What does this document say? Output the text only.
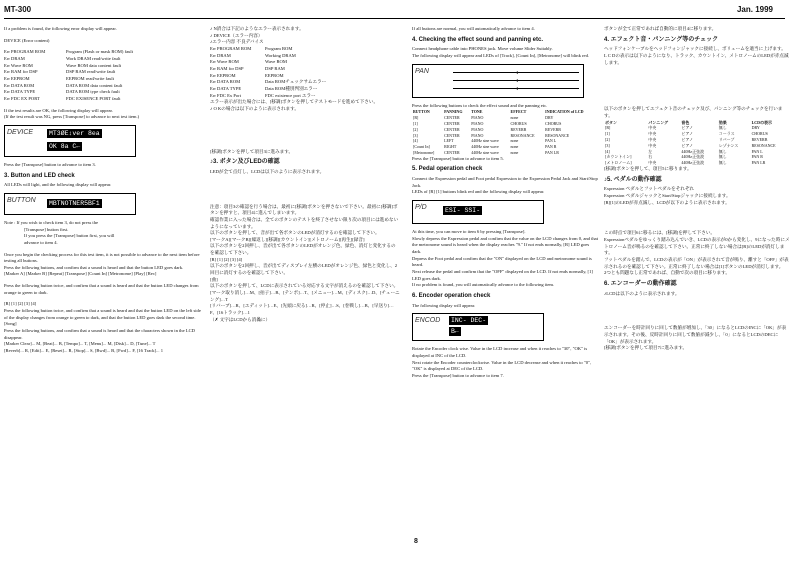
MT-300	Jan. 1999
If a problem is found, the following error display will appear.
DEVICE (Error content)
Err PROGRAM ROM	Program (Flash or mask ROM) fault
Err DRAM	Work DRAM read/write fault
Err Wave ROM	Wave ROM data content fault
Err RAM for DSP	DSP RAM read/write fault
Err EEPROM	EEPROM read/write fault
Err DATA ROM	DATA ROM data content fault
Err DATA TYPE	DATA ROM type check fault
Err FDC EX PORT	FDC EXISENCE PORT fault
If the test results are OK, the following display will appear.
(If the test result was NG, press [Transpose] to advance to next test item.)
DEVICE	MT3ØE↕ver 8ea
OK 8a C←
Press the [Transpose] button to advance to item 3.
3. Button and LED check
All LEDs will light, and the following display will appear.
BUTTON	MBTNOTNER5BF1
Note : If you wish to check item 3, do not press the
[Transpose] button first.
If you press the [Transpose] button first, you will
advance to item 4.
Once you begin the checking process for this test item, it is not possible to advance to the next item before testing all buttons.
Press the following buttons, and confirm that a sound is heard and that the button LED goes dark.
[Marker A] [Marker B] [Repeat] [Transpose] [Count In] [Metronome] [Play] [Rec]
Press the following button twice, and confirm that a sound is heard and that the button LED changes from orange to green to dark.
[R] [1] [2] [3] [4]
Press the following button twice, and confirm that a sound is heard and that the button LED on the left side of the display changes from orange to green to dark, and that the button LED goes dark the second time.
[Song]
Press the following buttons, and confirm that a sound is heard and that the characters shown in the LCD disappear.
[Marker Clear]... M, [Beat]... B, [Tempo]... T, [Menu]... M, [Disk]... D, [Tune]... T
[Reverb]... R, [Edit]... E, [Reset]... R, [Stop]... S, [Bwd]... B, [Fwd]... F, [16 Track]... 1
♪ N済合は下記のようなエラー表示されます。
♪ DEVICE（エラー内容）
♪エラー内容 不良デバイス
Err PROGRAM ROM	Program ROM
Err DRAM	Working DRAM
Err Wave ROM	Wave ROM
Err RAM for DSP	DSP RAM
Err EEPROM	EEPROM
Err DATA ROM	Data ROMチェックサムエラー
Err DATA TYPE	Data ROM種別判別エラー
Err FDC Ex Port	FDC existence port エラー
エラー表示が出た場合には、[移調]ボタンを押してテストモードを進めて下さい。
♪ O Kの場合は以下のように表示されます。
[移調]ボタンを押して項目3に進みます。
♪3. ボタン及びLEDの確認
LEDが全て点灯し、LCDは以下のように表示されます。
注意：項目3の確認を行う場合は、最初に[移調]ボタンを押さないで下さい。最初に[移調]ボタンを押すと、項目4に進んでしまいます。
確認作業に入った場合は、全てのボタンのテストを終了させない限り次の項目には進めないようになっています。
以下のボタンを押して、音が出て各ボタンのLEDが消灯するのを確認して下さい。
[マークA][マークB][繰返し][移調][カウントイン][メトロノーム][再生][録音]
以下のボタンを2回押し、音が出て各ボタンのLEDがオレンジ色、緑色、消灯と変化するのを確認して下さい。
[R] [1] [2] [3] [4]
以下のボタンを2回押し、音が出てディスプレイ左横のLEDがオレンジ色、緑色と変化し、2回目に消灯するのを確認して下さい。
[曲]
以下のボタンを押して、LCDに表示されている対応する文字が消えるのを確認して下さい。
[マーク取り消し]…M、[拍子]…B、[テンポ]…T、[メニュー]…M、[ディスク]…D、[チューニング]…T
[リバーブ]…R、[エディット]…E、[先頭に戻る]…R、[停止]…S、[巻戦し]…B、[早送り]…F、[16トラック]…1
（✗ 文字はLCDから消灥に）
If all buttons are normal, you will automatically advance to item 4.
4. Checking the effect sound and panning etc.
Connect headphone cable into PHONES jack. Move volume Slider Suitably.
The following display will appear and LEDs of [Track], [Count In], [Metronome] will blink red.
PAN	♦
♦
♦
Press the following buttons to check the effect sound and the panning etc.
BUTTON	PANNING	TONE	EFFECT	INDICATION of LCD
[R]	CENTER	PIANO	none	DRY
[1]	CENTER	PIANO	CHORUS	CHORUS
[2]	CENTER	PIANO	REVERB	REVERB
[3]	CENTER	PIANO	RESONANCE	RESONANCE
[4]	LEFT	440Hz sine wave	none	PAN L
[Count In]	RIGHT	440Hz sine wave	none	PAN R
[Metronome]	CENTER	440Hz sine wave	none	PAN LR
Press the [Transpose] button to advance to item 5.
5. Pedal operation check
Connect the Expression pedal and Foot pedal Expression to the Expression Pedal Jack and Start/Stop Jack.
LEDs of [R] [1] buttons blink red and the following display will appear.
P/D	ESI- SSI-
At this time, you can move to item 6 by pressing [Transpose].
Slowly depress the Expression pedal and confirm that the value on the LCD changes from 0, and that the metronome sound is heard when the display reaches "9." If not ends normally, [R] LED goes dark.
Depress the Foot pedal and confirm that the "ON" displayed on the LCD and metronome sound is heard.
Next release the pedal and confirm that the "OFF" displayed on the LCD. If not ends normally, [1] LED goes dark.
If no problem is found, you will automatically advance to the following item.
6. Encoder operation check
The following display will appear.
ENCOD	INC- DEC-
B←
Rotate the Encoder clock wise. Value in the LCD increase and when it reaches to "30", "OK" is displayed at INC of the LCD.
Next rotate the Encoder counterclockwise. Value in the LCD decrease and when it reaches to "0", "OK" is displayed at DEC of the LCD.
Press the [Transpose] button to advance to item 7.
ボタンが全て正常であれば自動的に項目4に移ります。
4. エフェクト音・パンニング等のチェック
ヘッドフォンケーブルをヘッドフォンジャックに接続し、ボリュームを適当に上げます。
L C Dの表示は以下のようになり、トラック、カウントイン、メトロノームのLEDが赤点滅します。
以下のボタンを押してエフェクト音のチェック及び、パンニング等のチェックを行います。
ボタン	パンニング	音色	効果	LCDの表示
[R]	中央	ピアノ	無し	DRY
[1]	中央	ピアノ	コーラス	CHORUS
[2]	中央	ピアノ	リバーブ	REVERB
[3]	中央	ピアノ	レゾナンス	RESONANCE
[4]	左	440Hz正弦波	無し	PAN L
[カウントイン]	右	440Hz正弦波	無し	PAN R
[メトロノーム]	中央	440Hz正弦波	無し	PAN LR
[移調]ボタンを押して、項目5に移ります。
♪5. ペダルの動作確認
Expression ペダルとフットペダルをそれぞれ
Expression ペダルジャックとStart/Stopジャックに接続します。
[R][1]のLEDが赤点滅し、LCDが以下のように表示されます。
この時点で項目6に移るには、[移調]を押して下さい。
Expressionペダルをゆっくり踏み込んでいき、LCDの表示が0から変化し、9になった時にメトロノーム音が鳴るのを確認して下さい。正常に終了しない場合は[R]のLEDが消灯します。
フットペダルを踏んで、LCDの表示が「ON」が表示されて音が鳴り、離すと「OFF」が表示されるのを確認して下さい。正常に終了しない場合は[1]ボタンのLEDが消灯します。
2つとも問題なし正常であれば、自動で次の項目に移ります。
6. エンコーダーの動作確認
♪LCDは以下のように表示されます。
エンコーダーを時計回りに回して数値が増加し、「30」になるとLCDのINCに「OK」が表示されます。その後、反時計回りに回して数値が減少し、「0」になるとLCDのDECに「OK」が表示されます。
[移調]ボタンを押して項目7に進みます。
8
